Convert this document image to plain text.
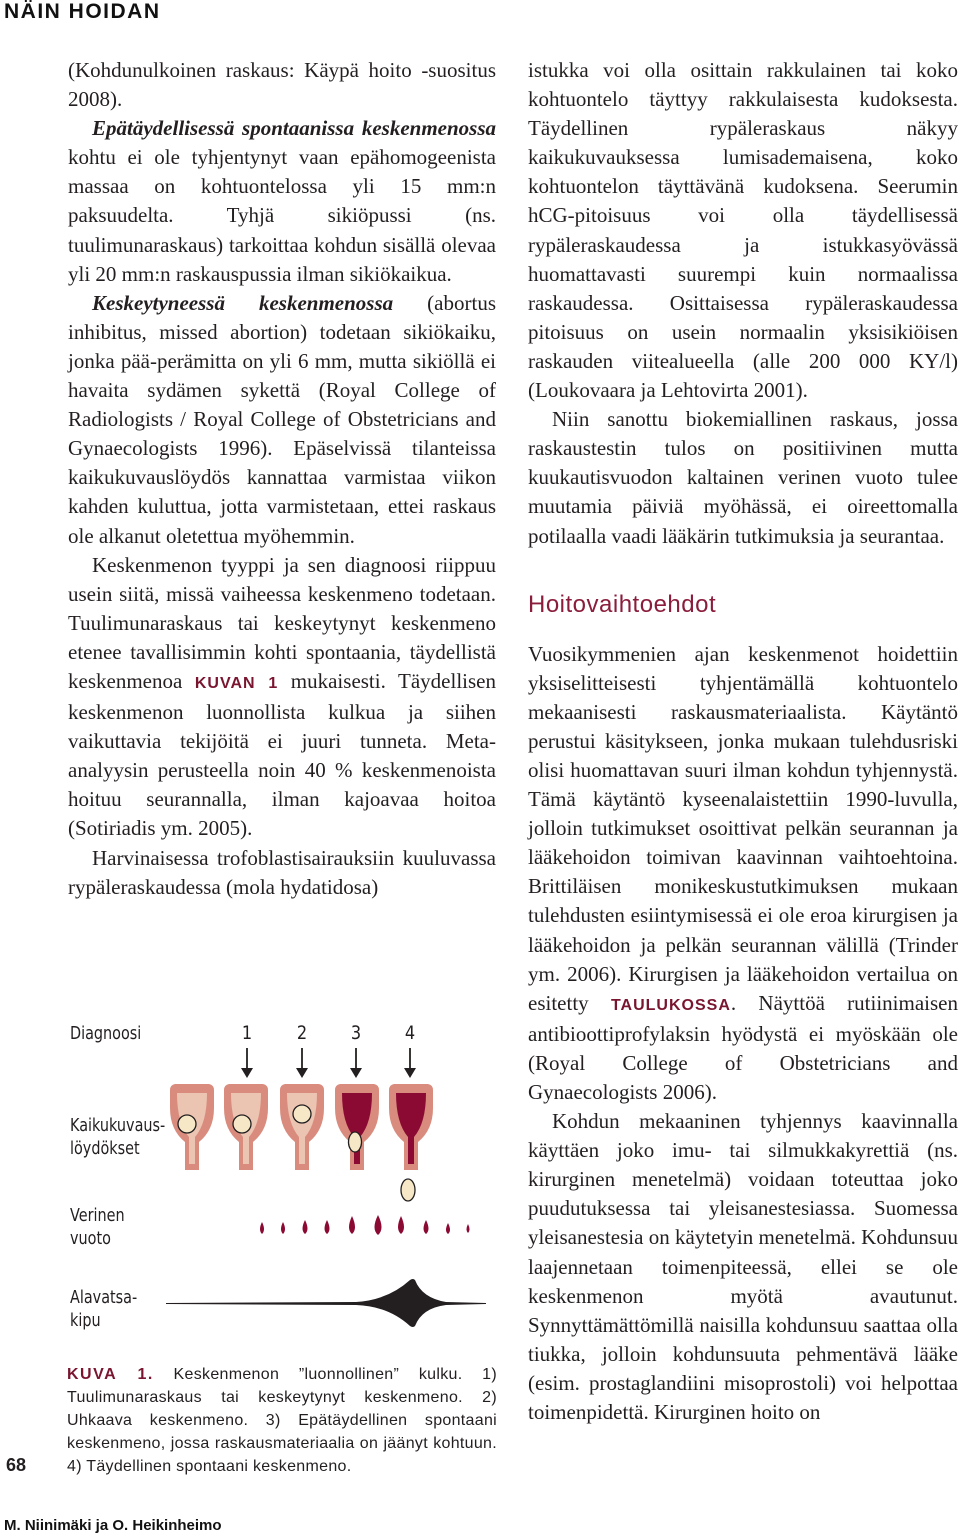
NÄIN HOIDAN

(Kohdunulkoinen raskaus: Käypä hoito -suositus 2008).

Epätäydellisessä spontaanissa keskenmenossa kohtu ei ole tyhjentynyt vaan epähomogeenista massaa on kohtuontelossa yli 15 mm:n paksuudelta. Tyhjä sikiöpussi (ns. tuulimunaraskaus) tarkoittaa kohdun sisällä olevaa yli 20 mm:n raskauspussia ilman sikiökaikua.

Keskeytyneessä keskenmenossa (abortus inhibitus, missed abortion) todetaan sikiökaiku, jonka pää-perämitta on yli 6 mm, mutta sikiöllä ei havaita sydämen sykettä (Royal College of Radiologists / Royal College of Obstetricians and Gynaecologists 1996). Epäselvissä tilanteissa kaikukuvauslöydös kannattaa varmistaa viikon kahden kuluttua, jotta varmistetaan, ettei raskaus ole alkanut oletettua myöhemmin.

Keskenmenon tyyppi ja sen diagnoosi riippuu usein siitä, missä vaiheessa keskenmeno todetaan. Tuulimunaraskaus tai keskeytynyt keskenmeno etenee tavallisimmin kohti spontaania, täydellistä keskenmenoa KUVAN 1 mukaisesti. Täydellisen keskenmenon luonnollista kulkua ja siihen vaikuttavia tekijöitä ei juuri tunneta. Meta-analyysin perusteella noin 40 % keskenmenoista hoituu seurannalla, ilman kajoavaa hoitoa (Sotiriadis ym. 2005).

Harvinaisessa trofoblastisairauksiin kuuluvassa rypäleraskaudessa (mola hydatidosa)

Diagnoosi
Kaikukuvaus-
löydökset
Verinen
vuoto
Alavatsa-
kipu
1 2 3 4
KUVA 1. Keskenmenon ”luonnollinen” kulku. 1) Tuulimunaraskaus tai keskeytynyt keskenmeno. 2) Uhkaava keskenmeno. 3) Epätäydellinen spontaani keskenmeno, jossa raskausmateriaalia on jäänyt kohtuun. 4) Täydellinen spontaani keskenmeno.

istukka voi olla osittain rakkulainen tai koko kohtuontelo täyttyy rakkulaisesta kudoksesta. Täydellinen rypäleraskaus näkyy kaikukuvauksessa lumisademaisena, koko kohtuontelon täyttävänä kudoksena. Seerumin hCG-pitoisuus voi olla täydellisessä rypäleraskaudessa ja istukkasyövässä huomattavasti suurempi kuin normaalissa raskaudessa. Osittaisessa rypäleraskaudessa pitoisuus on usein normaalin yksisikiöisen raskauden viitealueella (alle 200 000 KY/l)(Loukovaara ja Lehtovirta 2001).

Niin sanottu biokemiallinen raskaus, jossa raskaustestin tulos on positiivinen mutta kuukautisvuodon kaltainen verinen vuoto tulee muutamia päiviä myöhässä, ei oireettomalla potilaalla vaadi lääkärin tutkimuksia ja seurantaa.

Hoitovaihtoehdot

Vuosikymmenien ajan keskenmenot hoidettiin yksiselitteisesti tyhjentämällä kohtuontelo mekaanisesti raskausmateriaalista. Käytäntö perustui käsitykseen, jonka mukaan tulehdusriski olisi huomattavan suuri ilman kohdun tyhjennystä. Tämä käytäntö kyseenalaistettiin 1990-luvulla, jolloin tutkimukset osoittivat pelkän seurannan ja lääkehoidon toimivan kaavinnan vaihtoehtoina. Brittiläisen monikeskustutkimuksen mukaan tulehdusten esiintymisessä ei ole eroa kirurgisen ja lääkehoidon ja pelkän seurannan välillä (Trinder ym. 2006). Kirurgisen ja lääkehoidon vertailua on esitetty TAULUKOSSA. Näyttöä rutiinimaisen antibioottiprofylaksin hyödystä ei myöskään ole (Royal College of Obstetricians and Gynaecologists 2006).

Kohdun mekaaninen tyhjennys kaavinnalla käyttäen joko imu- tai silmukkakyrettiä (ns. kirurginen menetelmä) voidaan toteuttaa joko puudutuksessa tai yleisanestesiassa. Suomessa yleisanestesia on käytetyin menetelmä. Kohdunsuu laajennetaan toimenpiteessä, ellei se ole keskenmenon myötä avautunut. Synnyttämättömillä naisilla kohdunsuu saattaa olla tiukka, jolloin kohdunsuuta pehmentävä lääke (esim. prostaglandiini misoprostoli) voi helpottaa toimenpidettä. Kirurginen hoito on

68
M. Niinimäki ja O. Heikinheimo
